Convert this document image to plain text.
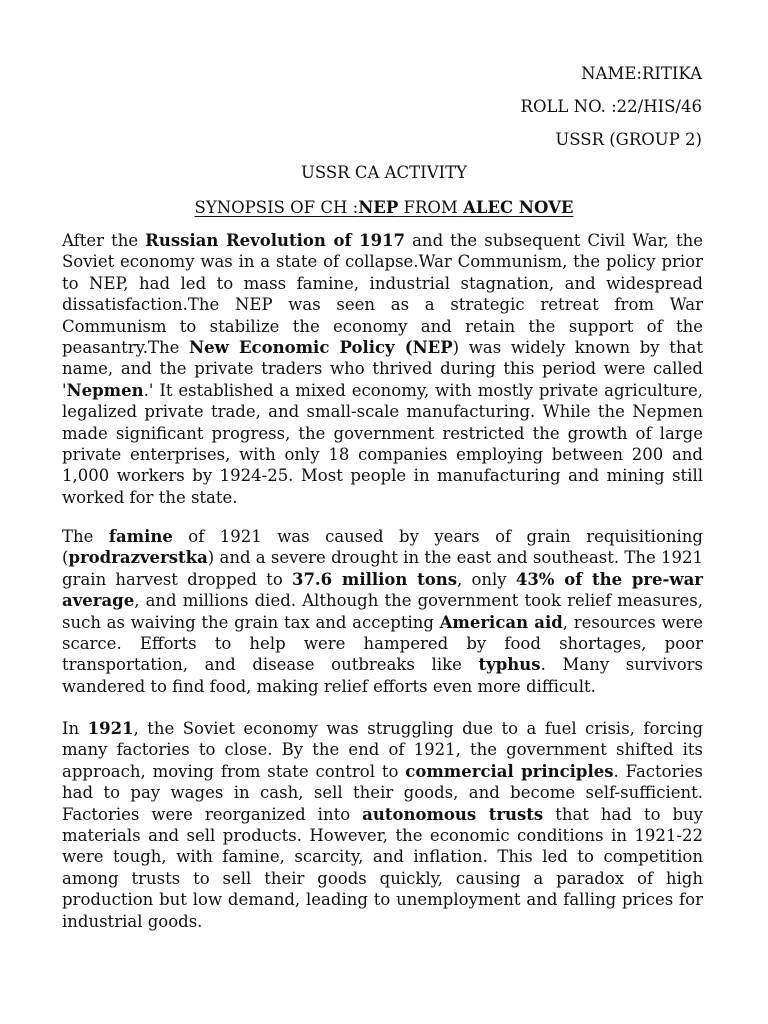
NAME:RITIKA
ROLL NO. :22/HIS/46
USSR (GROUP 2)
USSR CA ACTIVITY
SYNOPSIS OF CH :NEP FROM ALEC NOVE

After the Russian Revolution of 1917 and the subsequent Civil War, the Soviet economy was in a state of collapse.War Communism, the policy prior to NEP, had led to mass famine, industrial stagnation, and widespread dissatisfaction.The NEP was seen as a strategic retreat from War Communism to stabilize the economy and retain the support of the peasantry.The New Economic Policy (NEP) was widely known by that name, and the private traders who thrived during this period were called 'Nepmen.' It established a mixed economy, with mostly private agriculture, legalized private trade, and small-scale manufacturing. While the Nepmen made significant progress, the government restricted the growth of large private enterprises, with only 18 companies employing between 200 and 1,000 workers by 1924-25. Most people in manufacturing and mining still worked for the state.

The famine of 1921 was caused by years of grain requisitioning (prodrazverstka) and a severe drought in the east and southeast. The 1921 grain harvest dropped to 37.6 million tons, only 43% of the pre-war average, and millions died. Although the government took relief measures, such as waiving the grain tax and accepting American aid, resources were scarce. Efforts to help were hampered by food shortages, poor transportation, and disease outbreaks like typhus. Many survivors wandered to find food, making relief efforts even more difficult.

In 1921, the Soviet economy was struggling due to a fuel crisis, forcing many factories to close. By the end of 1921, the government shifted its approach, moving from state control to commercial principles. Factories had to pay wages in cash, sell their goods, and become self-sufficient. Factories were reorganized into autonomous trusts that had to buy materials and sell products. However, the economic conditions in 1921-22 were tough, with famine, scarcity, and inflation. This led to competition among trusts to sell their goods quickly, causing a paradox of high production but low demand, leading to unemployment and falling prices for industrial goods.
